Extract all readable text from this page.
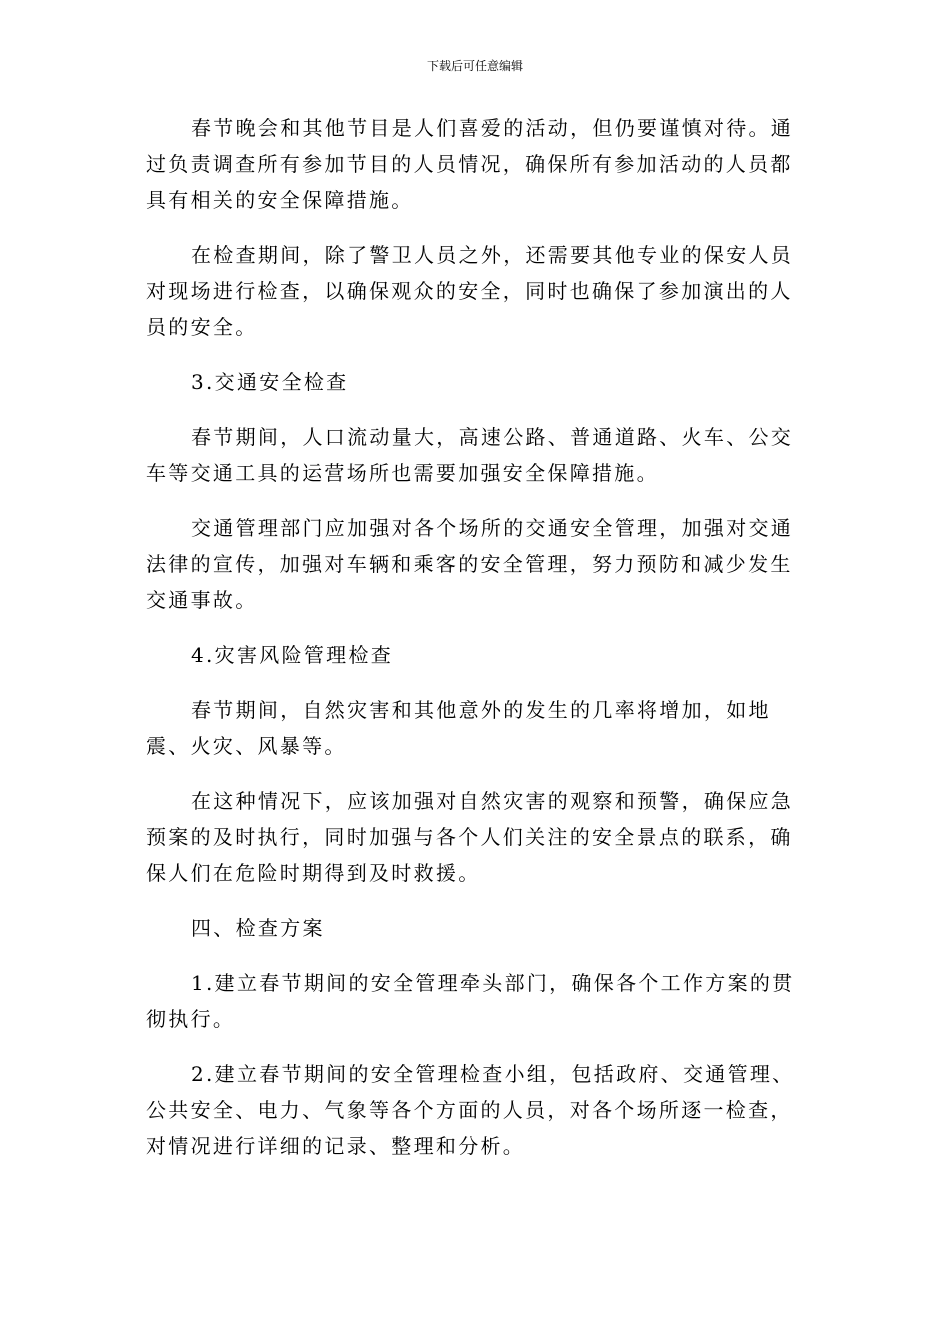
下载后可任意编辑

春节晚会和其他节目是人们喜爱的活动，但仍要谨慎对待。通过负责调查所有参加节目的人员情况，确保所有参加活动的人员都具有相关的安全保障措施。

在检查期间，除了警卫人员之外，还需要其他专业的保安人员对现场进行检查，以确保观众的安全，同时也确保了参加演出的人员的安全。

3.交通安全检查

春节期间，人口流动量大，高速公路、普通道路、火车、公交车等交通工具的运营场所也需要加强安全保障措施。

交通管理部门应加强对各个场所的交通安全管理，加强对交通法律的宣传，加强对车辆和乘客的安全管理，努力预防和减少发生交通事故。

4.灾害风险管理检查

春节期间，自然灾害和其他意外的发生的几率将增加，如地震、火灾、风暴等。

在这种情况下，应该加强对自然灾害的观察和预警，确保应急预案的及时执行，同时加强与各个人们关注的安全景点的联系，确保人们在危险时期得到及时救援。

四、检查方案

1.建立春节期间的安全管理牵头部门，确保各个工作方案的贯彻执行。

2.建立春节期间的安全管理检查小组，包括政府、交通管理、公共安全、电力、气象等各个方面的人员，对各个场所逐一检查，对情况进行详细的记录、整理和分析。
